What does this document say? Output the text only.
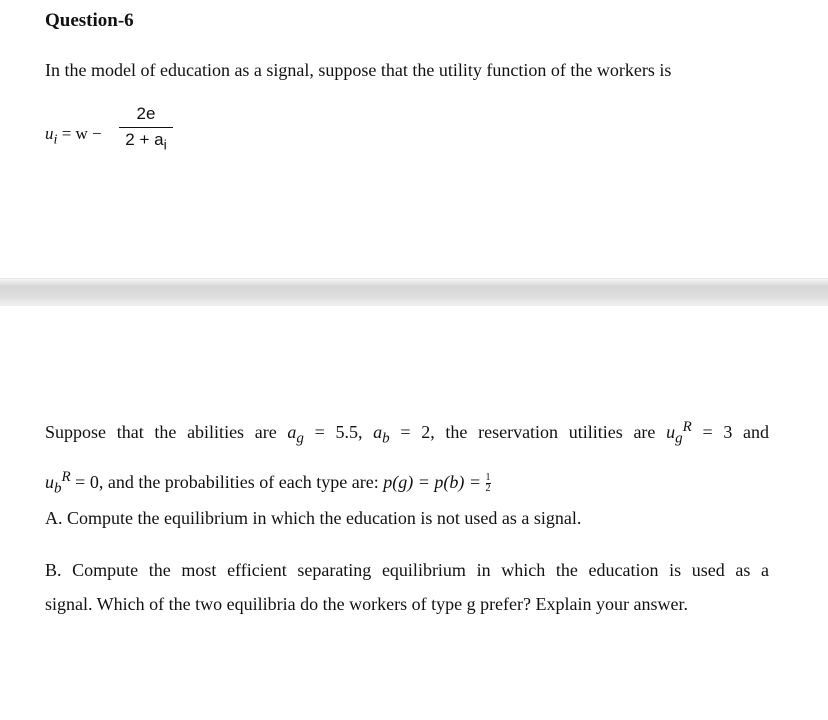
Question-6
In the model of education as a signal, suppose that the utility function of the workers is
$u_i = w$ −
2e
$2 + a_i$
Suppose that the abilities are $a_g = 5.5$, $a_b = 2$, the reservation utilities are $u_g^R = 3$ and
$u_b^R = 0$, and the probabilities of each type are: $p(g) = p(b) = \frac{1}{2}$
A. Compute the equilibrium in which the education is not used as a signal.
B. Compute the most efficient separating equilibrium in which the education is used as a
signal. Which of the two equilibria do the workers of type g prefer? Explain your answer.
